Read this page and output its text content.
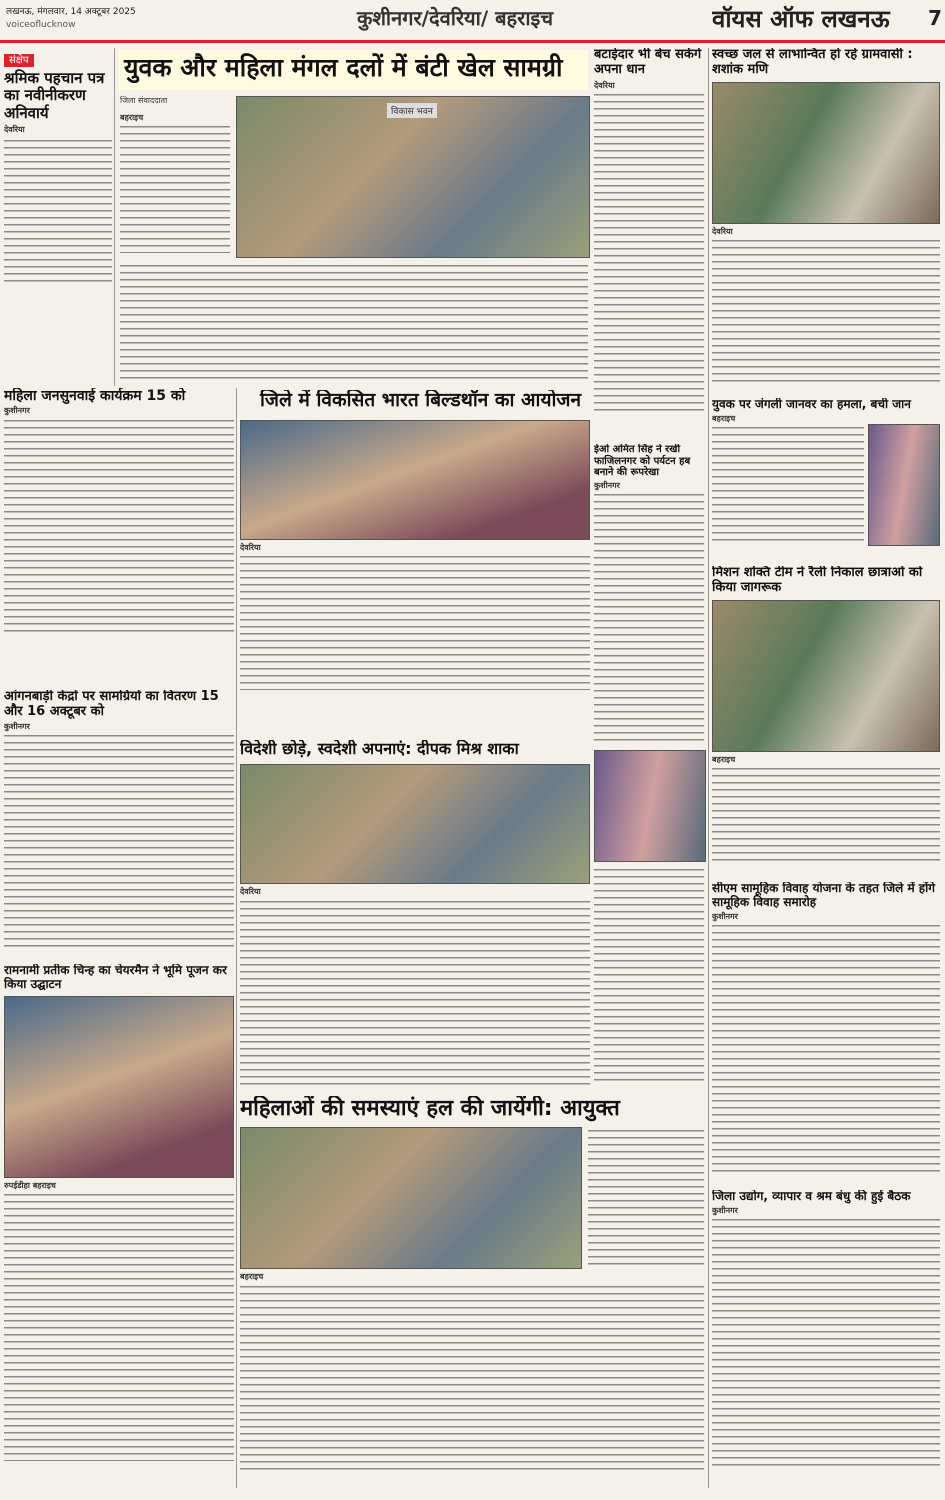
लखनऊ, मंगलवार, 14 अक्टूबर 2025
voiceoflucknow	कुशीनगर/देवरिया/ बहराइच	वॉयस ऑफ लखनऊ	7
संक्षेप
श्रमिक पहचान पत्र का नवीनीकरण अनिवार्य
देवरिया
युवक और महिला मंगल दलों में बंटी खेल सामग्री
जिला संवाददाता
बहराइच	विकास भवन
बटाईदार भी बेच सकेंगे अपना धान
देवरिया
स्वच्छ जल से लाभान्वित हो रहे ग्रामवासी : शशांक मणि
देवरिया
महिला जनसुनवाई कार्यक्रम 15 को
कुशीनगर	जिले में विकसित भारत बिल्डथॉन का आयोजन
देवरिया
ईओ अमित सिंह ने रखी फाजिलनगर को पर्यटन हब बनाने की रूपरेखा
कुशीनगर
युवक पर जंगली जानवर का हमला, बची जान
बहराइच
आंगनबाड़ी केंद्रों पर सामग्रियों का वितरण 15 और 16 अक्टूबर को
कुशीनगर
मिशन शक्ति टीम ने रैली निकाल छात्राओं को किया जागरूक
बहराइच
विदेशी छोड़े, स्वदेशी अपनाएं: दीपक मिश्र शाका
देवरिया
रामनामी प्रतीक चिन्ह का चेयरमैन ने भूमि पूजन कर किया उद्घाटन
रुपईडीहा बहराइच
सीएम सामूहिक विवाह योजना के तहत जिले में होंगे सामूहिक विवाह समारोह
कुशीनगर
महिलाओं की समस्याएं हल की जायेंगी: आयुक्त
बहराइच
जिला उद्योग, व्यापार व श्रम बंधु की हुई बैठक
कुशीनगर
